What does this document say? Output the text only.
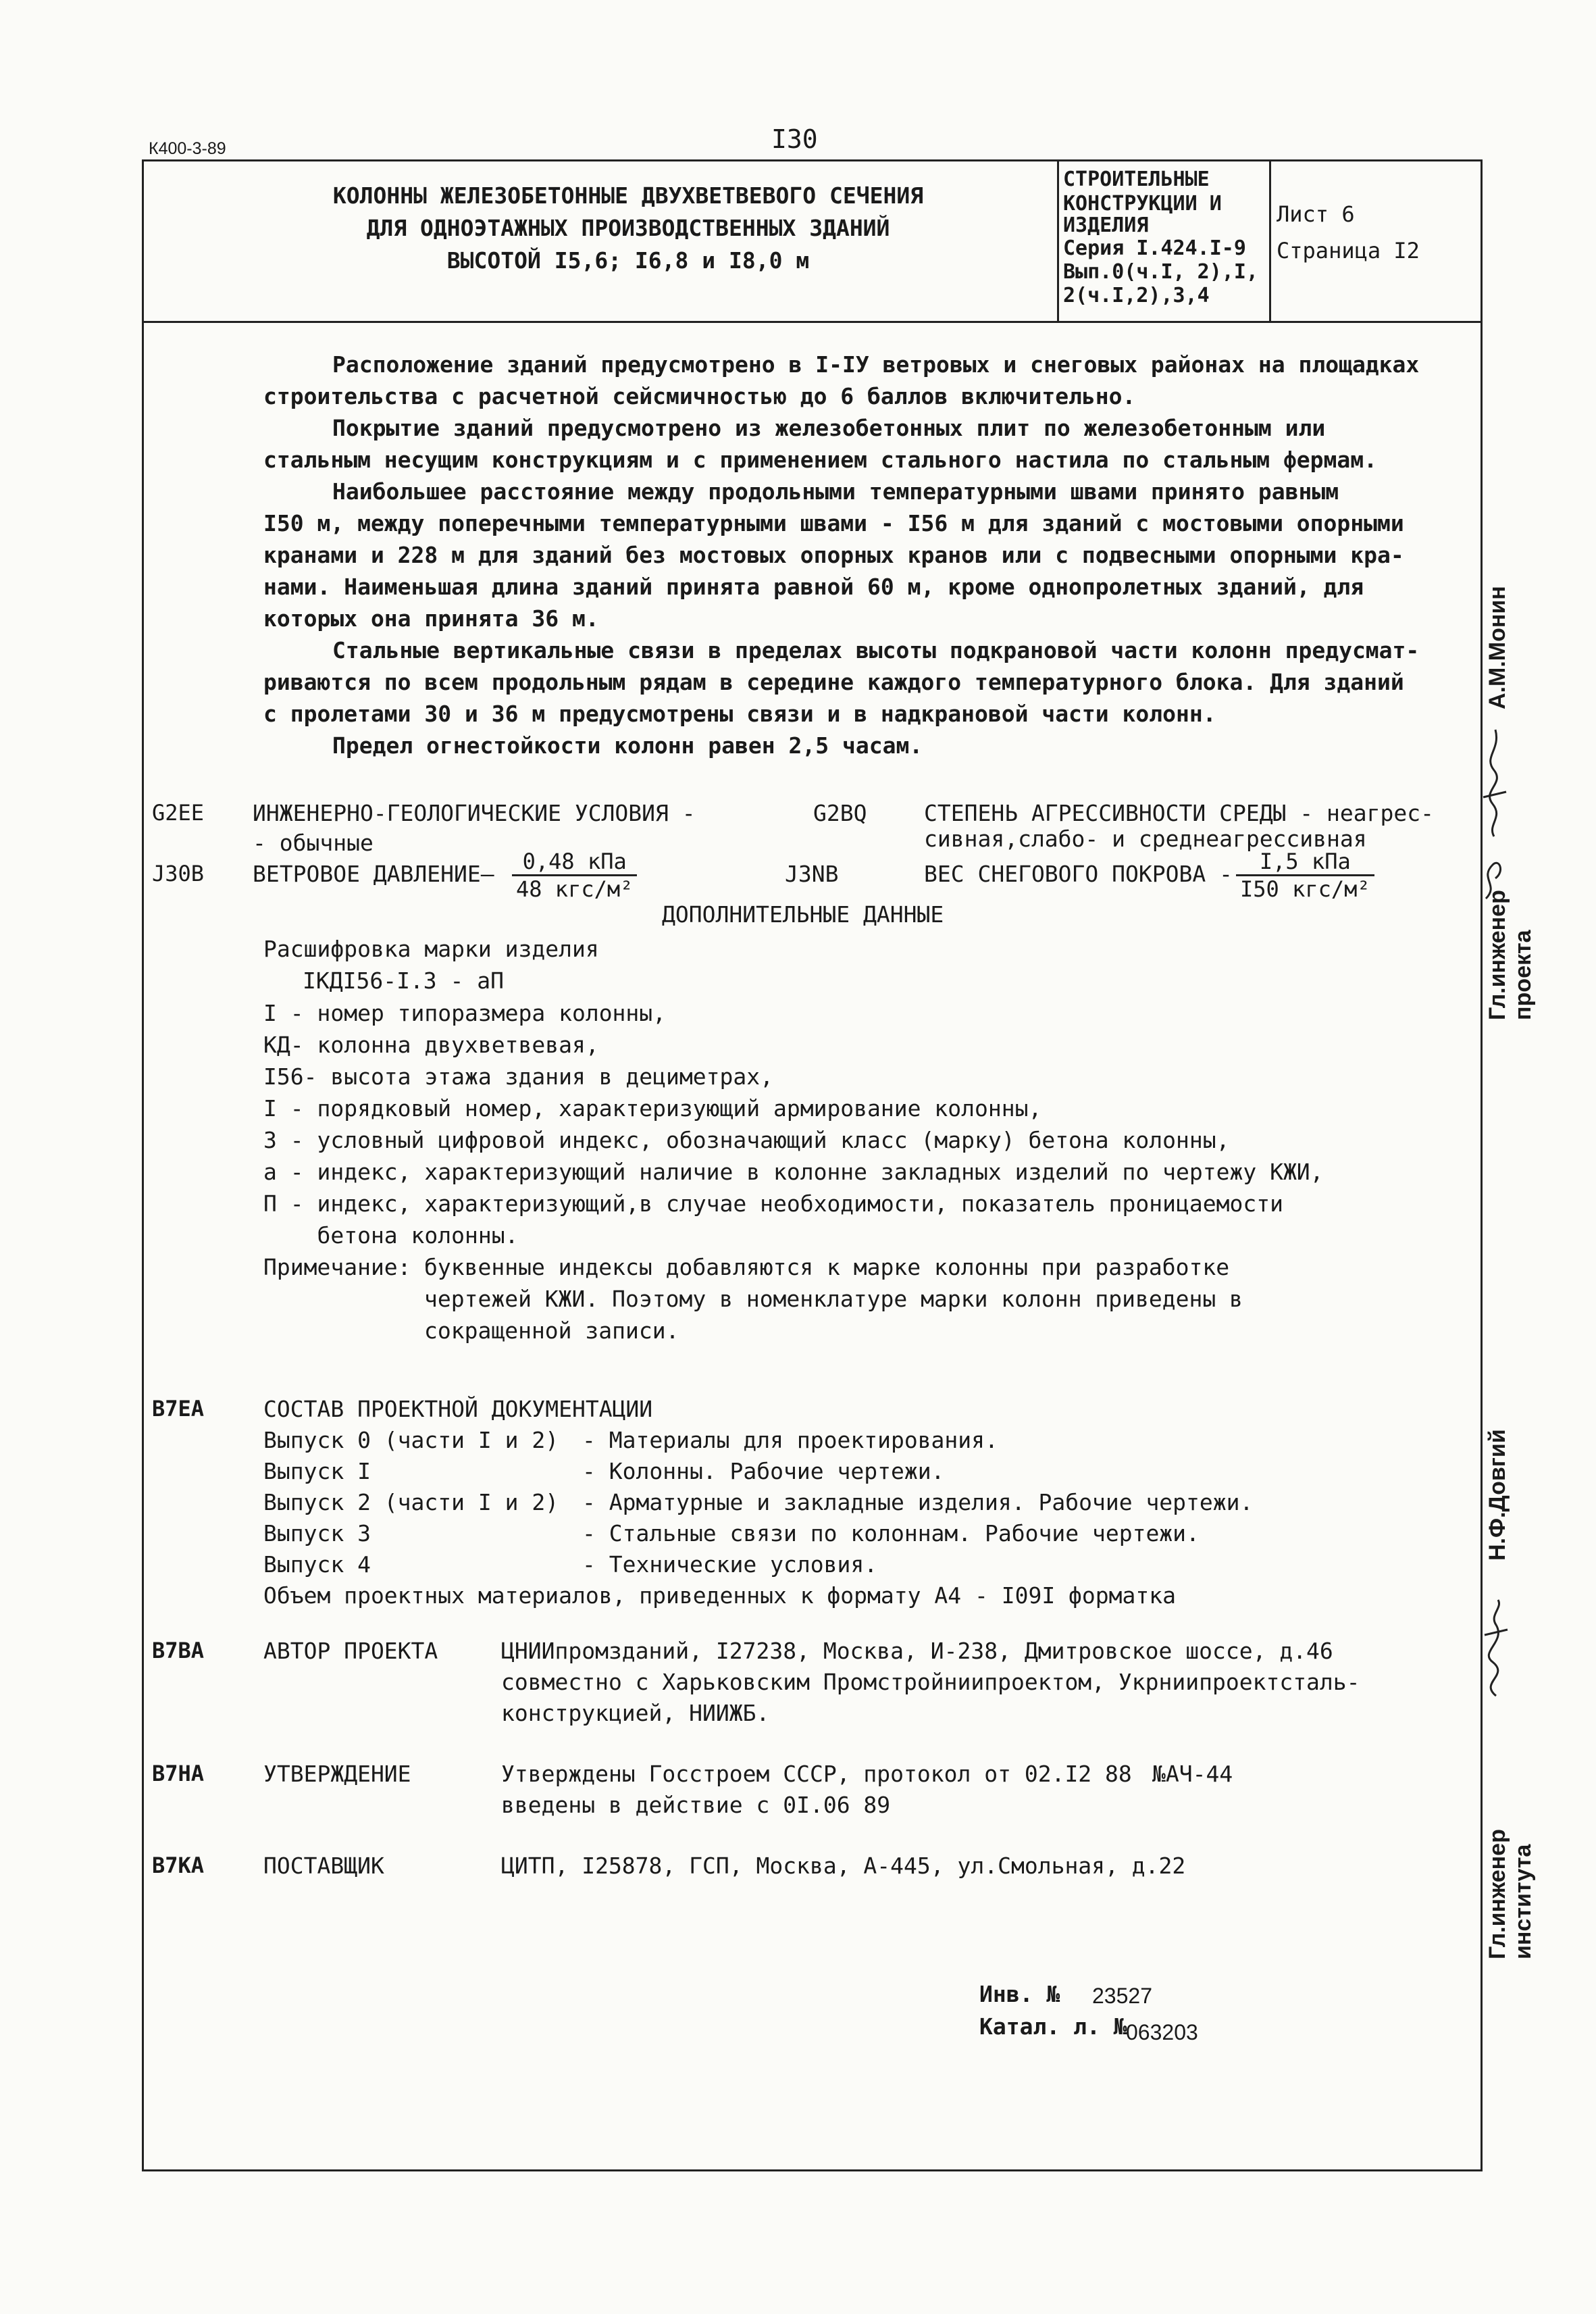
К400-3-89	I30
КОЛОННЫ ЖЕЛЕЗОБЕТОННЫЕ ДВУХВЕТВЕВОГО СЕЧЕНИЯ
ДЛЯ ОДНОЭТАЖНЫХ ПРОИЗВОДСТВЕННЫХ ЗДАНИЙ
ВЫСОТОЙ I5,6; I6,8 и I8,0 м
СТРОИТЕЛЬНЫЕ
КОНСТРУКЦИИ И
ИЗДЕЛИЯ
Серия I.424.I-9
Вып.0(ч.I, 2),I,
2(ч.I,2),3,4
Лист 6
Страница I2
Расположение зданий предусмотрено в I-IУ ветровых и снеговых районах на площадках
строительства с расчетной сейсмичностью до 6 баллов включительно.
Покрытие зданий предусмотрено из железобетонных плит по железобетонным или
стальным несущим конструкциям и с применением стального настила по стальным фермам.
Наибольшее расстояние между продольными температурными швами принято равным
I50 м, между поперечными температурными швами - I56 м для зданий с мостовыми опорными
кранами и 228 м для зданий без мостовых опорных кранов или с подвесными опорными кра-
нами. Наименьшая длина зданий принята равной 60 м, кроме однопролетных зданий, для
которых она принята 36 м.
Стальные вертикальные связи в пределах высоты подкрановой части колонн предусмат-
риваются по всем продольным рядам в середине каждого температурного блока. Для зданий
с пролетами 30 и 36 м предусмотрены связи и в надкрановой части колонн.
Предел огнестойкости колонн равен 2,5 часам.
G2EE ИНЖЕНЕРНО-ГЕОЛОГИЧЕСКИЕ УСЛОВИЯ -
- обычные
G2BQ	СТЕПЕНЬ АГРЕССИВНОСТИ СРЕДЫ - неагрес-
сивная,слабо- и среднеагрессивная
J30B ВЕТРОВОЕ ДАВЛЕНИЕ—	0,48 кПа
48 кгс/м²
J3NB	ВЕС СНЕГОВОГО ПОКРОВА -	I,5 кПа
I50 кгс/м²
ДОПОЛНИТЕЛЬНЫЕ ДАННЫЕ
Расшифровка марки изделия
IКДI56-I.3 - аП
I - номер типоразмера колонны,
КД- колонна двухветвевая,
I56- высота этажа здания в дециметрах,
I - порядковый номер, характеризующий армирование колонны,
3 - условный цифровой индекс, обозначающий класс (марку) бетона колонны,
а - индекс, характеризующий наличие в колонне закладных изделий по чертежу КЖИ,
П - индекс, характеризующий,в случае необходимости, показатель проницаемости
бетона колонны.
Примечание: буквенные индексы добавляются к марке колонны при разработке
чертежей КЖИ. Поэтому в номенклатуре марки колонн приведены в
сокращенной записи.
B7EA	СОСТАВ ПРОЕКТНОЙ ДОКУМЕНТАЦИИ
Выпуск 0 (части I и 2) - Материалы для проектирования.
Выпуск I	- Колонны. Рабочие чертежи.
Выпуск 2 (части I и 2) - Арматурные и закладные изделия. Рабочие чертежи.
Выпуск 3	- Стальные связи по колоннам. Рабочие чертежи.
Выпуск 4	- Технические условия.
Объем проектных материалов, приведенных к формату А4 - I09I форматка
B7BA	АВТОР ПРОЕКТА	ЦНИИпромзданий, I27238, Москва, И-238, Дмитровское шоссе, д.46
совместно с Харьковским Промстройниипроектом, Укрниипроектсталь-
конструкцией, НИИЖБ.
B7HA	УТВЕРЖДЕНИЕ	Утверждены Госстроем СССР, протокол от 02.I2 88 №АЧ-44
введены в действие с 0I.06 89
B7KA	ПОСТАВЩИК	ЦИТП, I25878, ГСП, Москва, А-445, ул.Смольная, д.22
Инв. № 23527
Катал. л. №
063203
А.М.Монин
Гл.инженер проекта
Н.Ф.Довгий
Гл.инженер института
